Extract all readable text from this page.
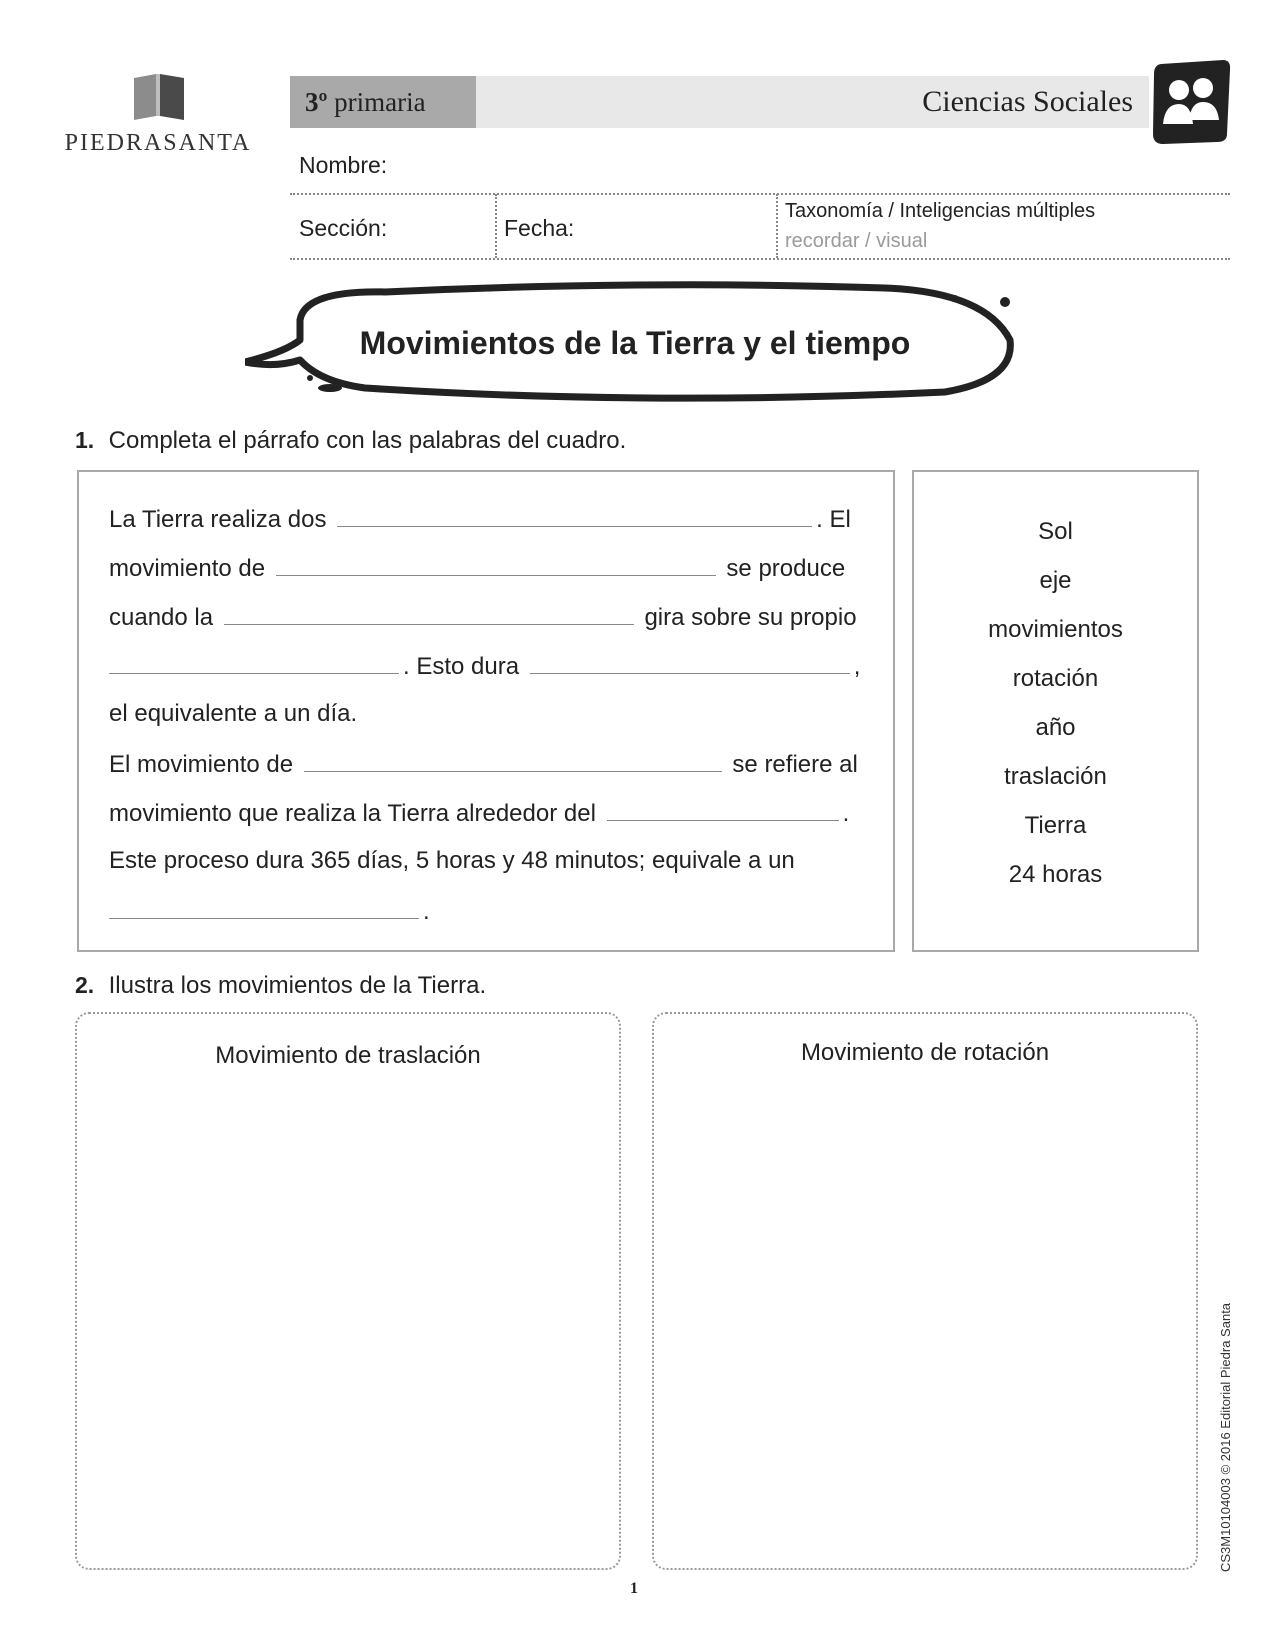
PIEDRASANTA
3º primaria	Ciencias Sociales
Nombre:
Sección:	Fecha:
Taxonomía / Inteligencias múltiples
recordar / visual
Movimientos de la Tierra y el tiempo
1. Completa el párrafo con las palabras del cuadro.
La Tierra realiza dos	. El
movimiento de	se produce
cuando la	gira sobre su propio
. Esto dura	,
el equivalente a un día.
El movimiento de	se refiere al
movimiento que realiza la Tierra alrededor del	.
Este proceso dura 365 días, 5 horas y 48 minutos; equivale a un
.
Sol
eje
movimientos
rotación
año
traslación
Tierra
24 horas
2. Ilustra los movimientos de la Tierra.
Movimiento de traslación	Movimiento de rotación
CS3M10104003 © 2016 Editorial Piedra Santa
1
